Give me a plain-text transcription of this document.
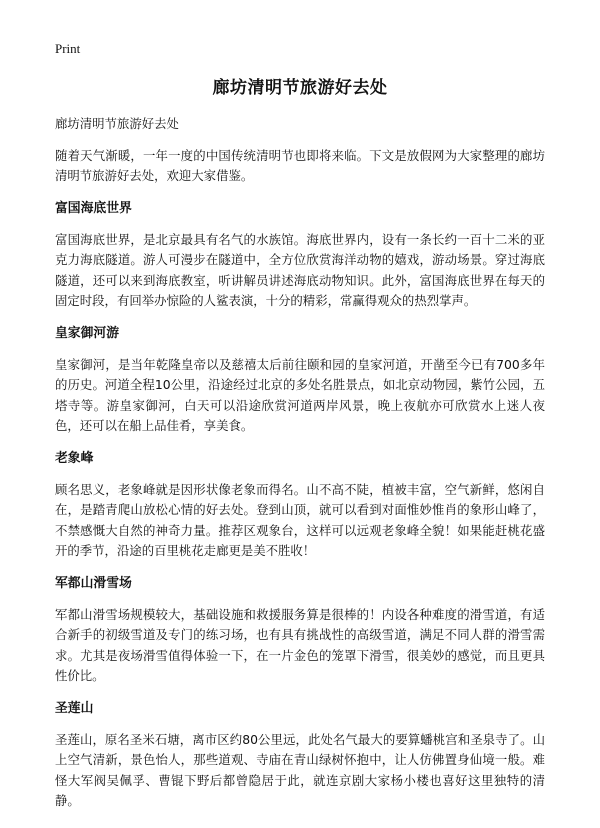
Print
廊坊清明节旅游好去处

廊坊清明节旅游好去处

随着天气渐暖，一年一度的中国传统清明节也即将来临。下文是放假网为大家整理的廊坊清明节旅游好去处，欢迎大家借鉴。

富国海底世界

富国海底世界，是北京最具有名气的水族馆。海底世界内，设有一条长约一百十二米的亚克力海底隧道。游人可漫步在隧道中，全方位欣赏海洋动物的嬉戏，游动场景。穿过海底隧道，还可以来到海底教室，听讲解员讲述海底动物知识。此外，富国海底世界在每天的固定时段，有回举办惊险的人鲨表演，十分的精彩，常赢得观众的热烈掌声。

皇家御河游

皇家御河，是当年乾隆皇帝以及慈禧太后前往颐和园的皇家河道，开凿至今已有700多年的历史。河道全程10公里，沿途经过北京的多处名胜景点，如北京动物园，紫竹公园，五塔寺等。游皇家御河，白天可以沿途欣赏河道两岸风景，晚上夜航亦可欣赏水上迷人夜色，还可以在船上品佳肴，享美食。

老象峰

顾名思义，老象峰就是因形状像老象而得名。山不高不陡，植被丰富，空气新鲜，悠闲自在，是踏青爬山放松心情的好去处。登到山顶，就可以看到对面惟妙惟肖的象形山峰了，不禁感慨大自然的神奇力量。推荐区观象台，这样可以远观老象峰全貌！如果能赶桃花盛开的季节，沿途的百里桃花走廊更是美不胜收！

军都山滑雪场

军都山滑雪场规模较大，基础设施和救援服务算是很棒的！内设各种难度的滑雪道，有适合新手的初级雪道及专门的练习场，也有具有挑战性的高级雪道，满足不同人群的滑雪需求。尤其是夜场滑雪值得体验一下，在一片金色的笼罩下滑雪，很美妙的感觉，而且更具性价比。

圣莲山

圣莲山，原名圣米石塘，离市区约80公里远，此处名气最大的要算蟠桃宫和圣泉寺了。山上空气清新，景色怡人，那些道观、寺庙在青山绿树怀抱中，让人仿佛置身仙境一般。难怪大军阀吴佩孚、曹锟下野后都曾隐居于此，就连京剧大家杨小楼也喜好这里独特的清静。
